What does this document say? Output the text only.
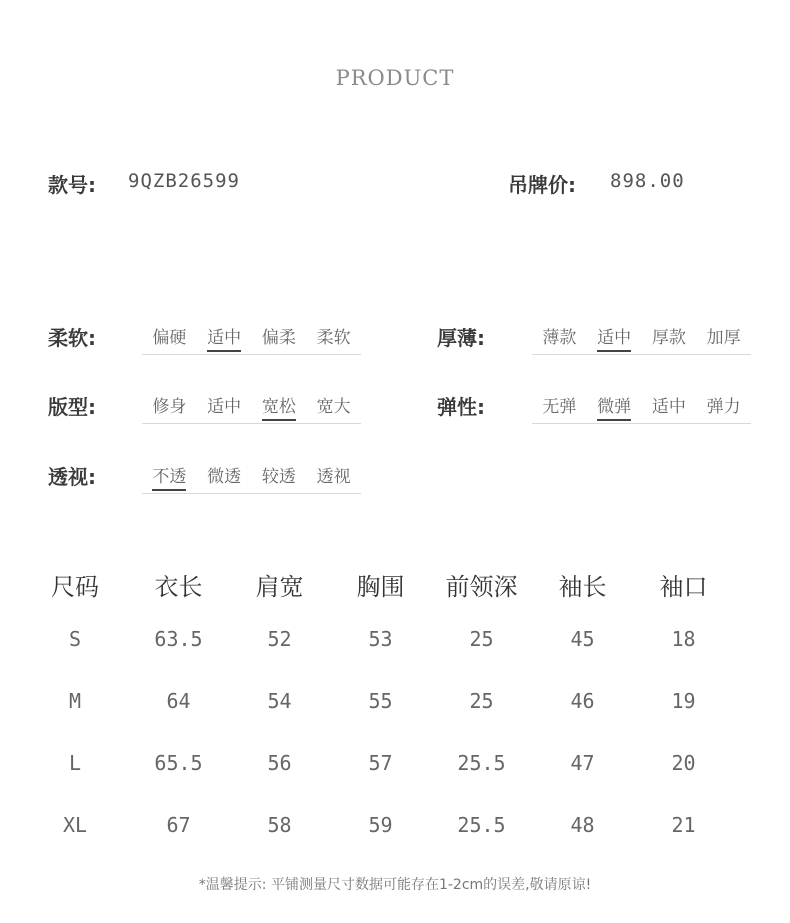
PRODUCT
款号: 9QZB26599	吊牌价: 898.00
柔软:	偏硬	适中	偏柔	柔软	厚薄:	薄款	适中	厚款	加厚
版型:	修身	适中	宽松	宽大	弹性:	无弹	微弹	适中	弹力
透视:	不透	微透	较透	透视
尺码	衣长	肩宽	胸围	前领深	袖长	袖口
S	63.5	52	53	25	45	18
M	64	54	55	25	46	19
L	65.5	56	57	25.5	47	20
XL	67	58	59	25.5	48	21
*温馨提示: 平铺测量尺寸数据可能存在1-2cm的误差,敬请原谅!
